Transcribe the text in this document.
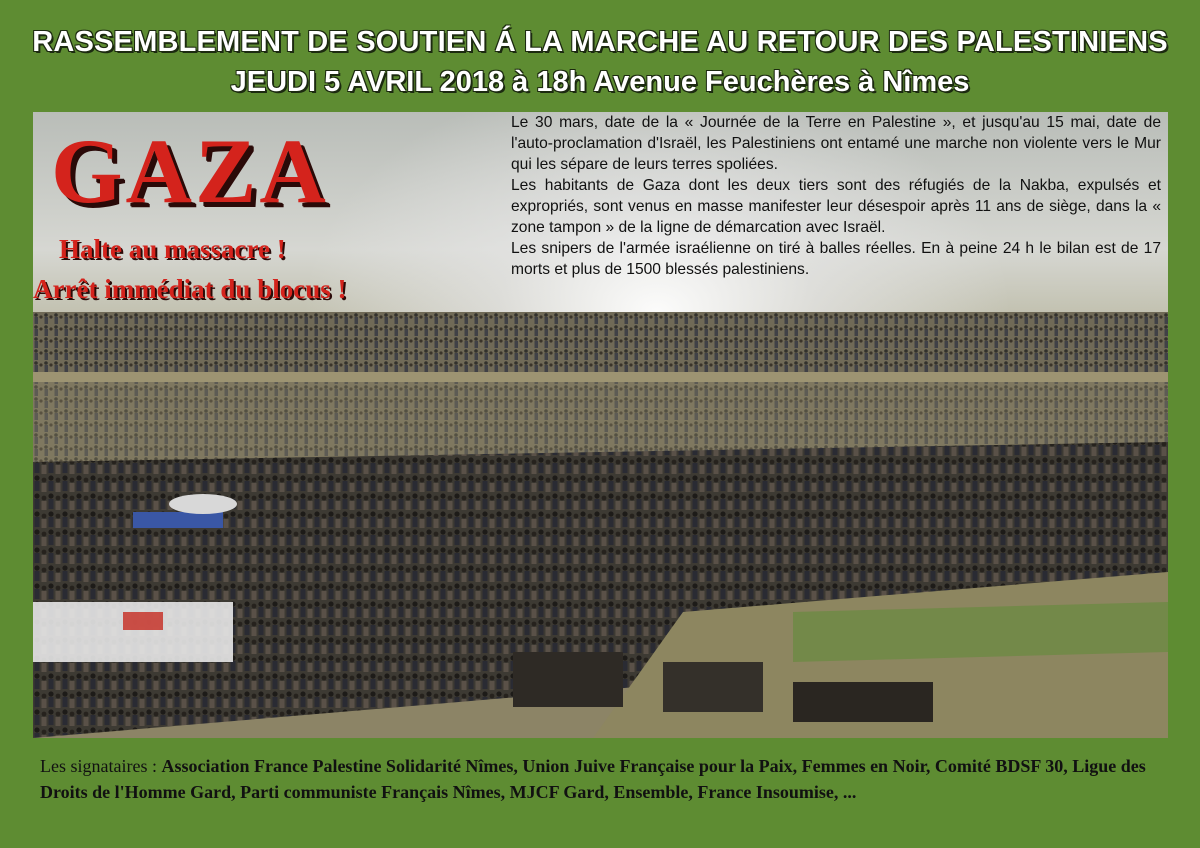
RASSEMBLEMENT DE SOUTIEN Á LA MARCHE AU RETOUR DES PALESTINIENS
JEUDI 5 AVRIL 2018 à 18h Avenue Feuchères à Nîmes
GAZA
Halte au massacre !
Arrêt immédiat du blocus !

Le 30 mars, date de la « Journée de la Terre en Palestine », et jusqu'au 15 mai, date de l'auto-proclamation d'Israël, les Palestiniens ont entamé une marche non violente vers le Mur qui les sépare de leurs terres spoliées.

Les habitants de Gaza dont les deux tiers sont des réfugiés de la Nakba, expulsés et expropriés, sont venus en masse manifester leur désespoir après 11 ans de siège, dans la « zone tampon » de la ligne de démarcation avec Israël.

Les snipers de l'armée israélienne on tiré à balles réelles. En à peine 24 h le bilan est de 17 morts et plus de 1500 blessés palestiniens.

Les signataires : Association France Palestine Solidarité Nîmes, Union Juive Française pour la Paix, Femmes en Noir, Comité BDSF 30, Ligue des Droits de l'Homme Gard, Parti communiste Français Nîmes, MJCF Gard, Ensemble, France Insoumise, ...
